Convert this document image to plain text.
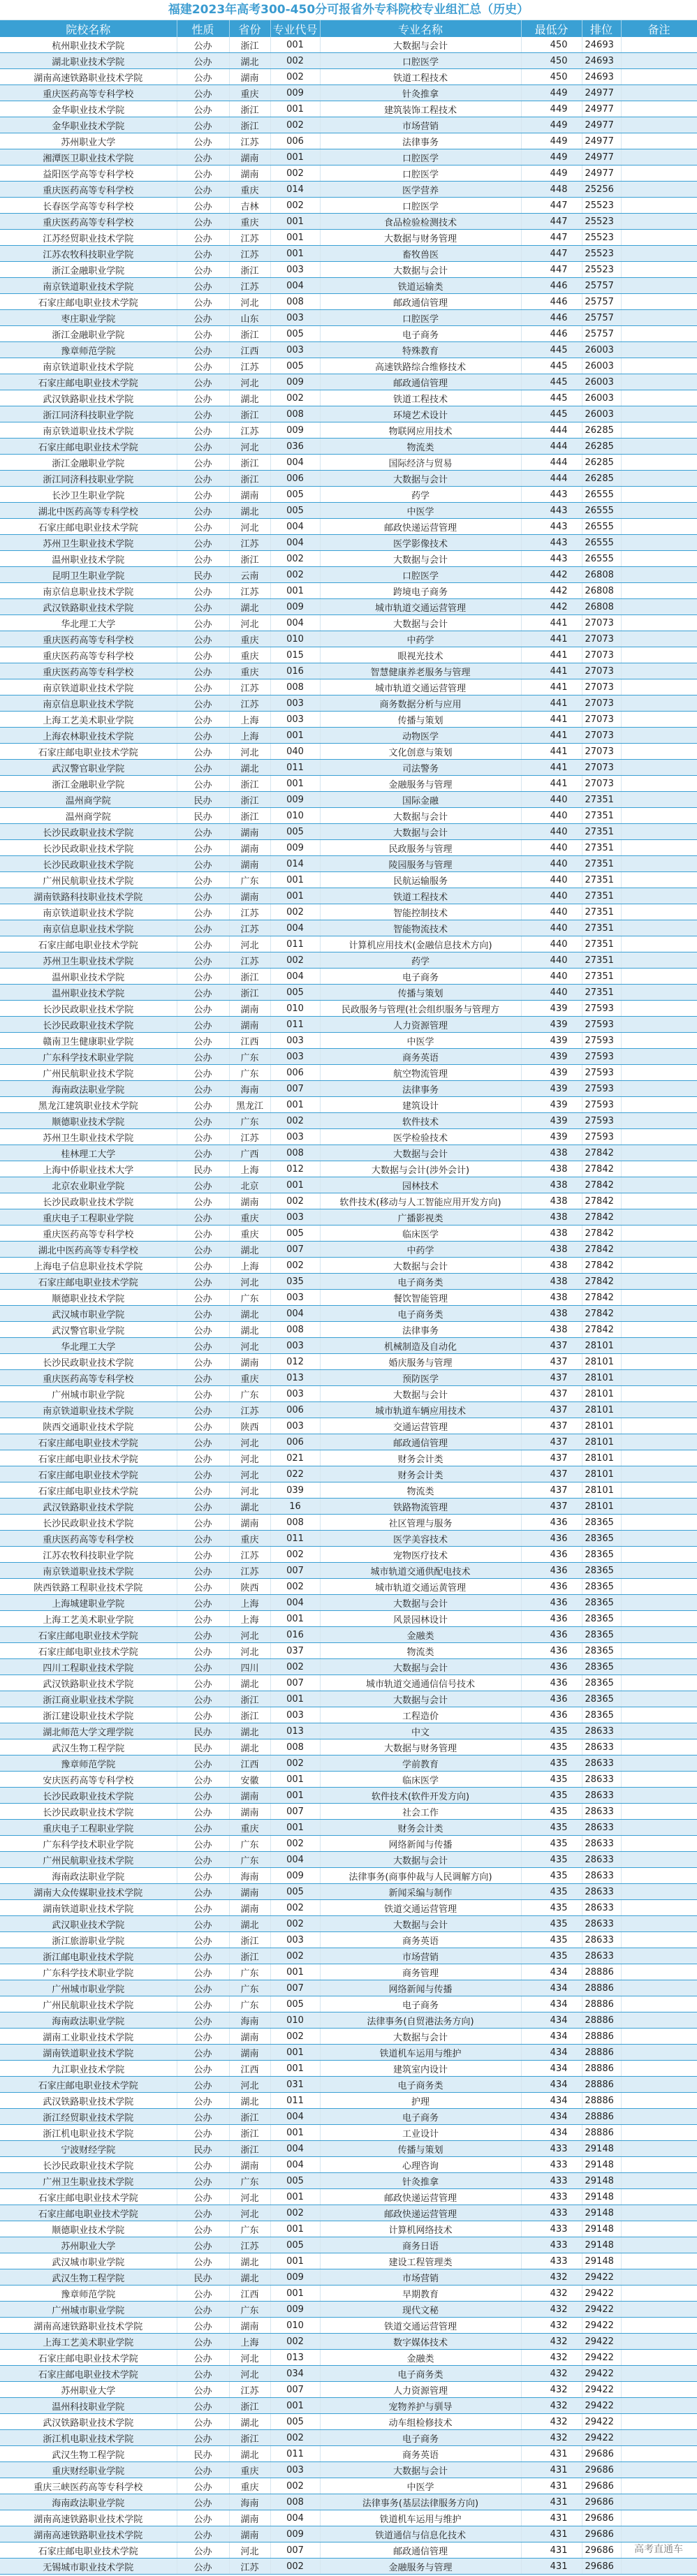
福建2023年高考300-450分可报省外专科院校专业组汇总（历史）
院校名称	性质	省份	专业代号	专业名称	最低分	排位	备注
杭州职业技术学院	公办	浙江	001	大数据与会计	450	24693	
湖北职业技术学院	公办	湖北	002	口腔医学	450	24693	
湖南高速铁路职业技术学院	公办	湖南	002	铁道工程技术	450	24693	
重庆医药高等专科学校	公办	重庆	009	针灸推拿	449	24977	
金华职业技术学院	公办	浙江	001	建筑装饰工程技术	449	24977	
金华职业技术学院	公办	浙江	002	市场营销	449	24977	
苏州职业大学	公办	江苏	006	法律事务	449	24977	
湘潭医卫职业技术学院	公办	湖南	001	口腔医学	449	24977	
益阳医学高等专科学校	公办	湖南	002	口腔医学	449	24977	
重庆医药高等专科学校	公办	重庆	014	医学营养	448	25256	
长春医学高等专科学校	公办	吉林	002	口腔医学	447	25523	
重庆医药高等专科学校	公办	重庆	001	食品检验检测技术	447	25523	
江苏经贸职业技术学院	公办	江苏	001	大数据与财务管理	447	25523	
江苏农牧科技职业学院	公办	江苏	001	畜牧兽医	447	25523	
浙江金融职业学院	公办	浙江	003	大数据与会计	447	25523	
南京铁道职业技术学院	公办	江苏	004	铁道运输类	446	25757	
石家庄邮电职业技术学院	公办	河北	008	邮政通信管理	446	25757	
枣庄职业学院	公办	山东	003	口腔医学	446	25757	
浙江金融职业学院	公办	浙江	005	电子商务	446	25757	
豫章师范学院	公办	江西	003	特殊教育	445	26003	
南京铁道职业技术学院	公办	江苏	005	高速铁路综合维修技术	445	26003	
石家庄邮电职业技术学院	公办	河北	009	邮政通信管理	445	26003	
武汉铁路职业技术学院	公办	湖北	002	铁道工程技术	445	26003	
浙江同济科技职业学院	公办	浙江	008	环境艺术设计	445	26003	
南京铁道职业技术学院	公办	江苏	009	物联网应用技术	444	26285	
石家庄邮电职业技术学院	公办	河北	036	物流类	444	26285	
浙江金融职业学院	公办	浙江	004	国际经济与贸易	444	26285	
浙江同济科技职业学院	公办	浙江	006	大数据与会计	444	26285	
长沙卫生职业学院	公办	湖南	005	药学	443	26555	
湖北中医药高等专科学校	公办	湖北	005	中医学	443	26555	
石家庄邮电职业技术学院	公办	河北	004	邮政快递运营管理	443	26555	
苏州卫生职业技术学院	公办	江苏	004	医学影像技术	443	26555	
温州职业技术学院	公办	浙江	002	大数据与会计	443	26555	
昆明卫生职业学院	民办	云南	002	口腔医学	442	26808	
南京信息职业技术学院	公办	江苏	001	跨境电子商务	442	26808	
武汉铁路职业技术学院	公办	湖北	009	城市轨道交通运营管理	442	26808	
华北理工大学	公办	河北	004	大数据与会计	441	27073	
重庆医药高等专科学校	公办	重庆	010	中药学	441	27073	
重庆医药高等专科学校	公办	重庆	015	眼视光技术	441	27073	
重庆医药高等专科学校	公办	重庆	016	智慧健康养老服务与管理	441	27073	
南京铁道职业技术学院	公办	江苏	008	城市轨道交通运营管理	441	27073	
南京信息职业技术学院	公办	江苏	003	商务数据分析与应用	441	27073	
上海工艺美术职业学院	公办	上海	003	传播与策划	441	27073	
上海农林职业技术学院	公办	上海	001	动物医学	441	27073	
石家庄邮电职业技术学院	公办	河北	040	文化创意与策划	441	27073	
武汉警官职业学院	公办	湖北	011	司法警务	441	27073	
浙江金融职业学院	公办	浙江	001	金融服务与管理	441	27073	
温州商学院	民办	浙江	009	国际金融	440	27351	
温州商学院	民办	浙江	010	大数据与会计	440	27351	
长沙民政职业技术学院	公办	湖南	005	大数据与会计	440	27351	
长沙民政职业技术学院	公办	湖南	009	民政服务与管理	440	27351	
长沙民政职业技术学院	公办	湖南	014	陵园服务与管理	440	27351	
广州民航职业技术学院	公办	广东	001	民航运输服务	440	27351	
湖南铁路科技职业技术学院	公办	湖南	001	铁道工程技术	440	27351	
南京铁道职业技术学院	公办	江苏	002	智能控制技术	440	27351	
南京信息职业技术学院	公办	江苏	004	智能物流技术	440	27351	
石家庄邮电职业技术学院	公办	河北	011	计算机应用技术(金融信息技术方向)	440	27351	
苏州卫生职业技术学院	公办	江苏	002	药学	440	27351	
温州职业技术学院	公办	浙江	004	电子商务	440	27351	
温州职业技术学院	公办	浙江	005	传播与策划	440	27351	
长沙民政职业技术学院	公办	湖南	010	民政服务与管理(社会组织服务与管理方	439	27593	
长沙民政职业技术学院	公办	湖南	011	人力资源管理	439	27593	
赣南卫生健康职业学院	公办	江西	003	中医学	439	27593	
广东科学技术职业学院	公办	广东	003	商务英语	439	27593	
广州民航职业技术学院	公办	广东	006	航空物流管理	439	27593	
海南政法职业学院	公办	海南	007	法律事务	439	27593	
黑龙江建筑职业技术学院	公办	黑龙江	001	建筑设计	439	27593	
顺德职业技术学院	公办	广东	002	软件技术	439	27593	
苏州卫生职业技术学院	公办	江苏	003	医学检验技术	439	27593	
桂林理工大学	公办	广西	008	大数据与会计	438	27842	
上海中侨职业技术大学	民办	上海	012	大数据与会计(涉外会计)	438	27842	
北京农业职业学院	公办	北京	001	园林技术	438	27842	
长沙民政职业技术学院	公办	湖南	002	软件技术(移动与人工智能应用开发方向)	438	27842	
重庆电子工程职业学院	公办	重庆	003	广播影视类	438	27842	
重庆医药高等专科学校	公办	重庆	005	临床医学	438	27842	
湖北中医药高等专科学校	公办	湖北	007	中药学	438	27842	
上海电子信息职业技术学院	公办	上海	002	大数据与会计	438	27842	
石家庄邮电职业技术学院	公办	河北	035	电子商务类	438	27842	
顺德职业技术学院	公办	广东	003	餐饮智能管理	438	27842	
武汉城市职业学院	公办	湖北	004	电子商务类	438	27842	
武汉警官职业学院	公办	湖北	008	法律事务	438	27842	
华北理工大学	公办	河北	003	机械制造及自动化	437	28101	
长沙民政职业技术学院	公办	湖南	012	婚庆服务与管理	437	28101	
重庆医药高等专科学校	公办	重庆	013	预防医学	437	28101	
广州城市职业学院	公办	广东	003	大数据与会计	437	28101	
南京铁道职业技术学院	公办	江苏	006	城市轨道车辆应用技术	437	28101	
陕西交通职业技术学院	公办	陕西	003	交通运营管理	437	28101	
石家庄邮电职业技术学院	公办	河北	006	邮政通信管理	437	28101	
石家庄邮电职业技术学院	公办	河北	021	财务会计类	437	28101	
石家庄邮电职业技术学院	公办	河北	022	财务会计类	437	28101	
石家庄邮电职业技术学院	公办	河北	039	物流类	437	28101	
武汉铁路职业技术学院	公办	湖北	16	铁路物流管理	437	28101	
长沙民政职业技术学院	公办	湖南	008	社区管理与服务	436	28365	
重庆医药高等专科学校	公办	重庆	011	医学美容技术	436	28365	
江苏农牧科技职业学院	公办	江苏	002	宠物医疗技术	436	28365	
南京铁道职业技术学院	公办	江苏	007	城市轨道交通供配电技术	436	28365	
陕西铁路工程职业技术学院	公办	陕西	002	城市轨道交通运黄管理	436	28365	
上海城建职业学院	公办	上海	004	大数据与会计	436	28365	
上海工艺美术职业学院	公办	上海	001	风景园林设计	436	28365	
石家庄邮电职业技术学院	公办	河北	016	金融类	436	28365	
石家庄邮电职业技术学院	公办	河北	037	物流类	436	28365	
四川工程职业技术学院	公办	四川	002	大数据与会计	436	28365	
武汉铁路职业技术学院	公办	湖北	007	城市轨道交通通信信号技术	436	28365	
浙江商业职业技术学院	公办	浙江	001	大数据与会计	436	28365	
浙江建设职业技术学院	公办	浙江	003	工程造价	436	28365	
湖北师范大学文理学院	民办	湖北	013	中文	435	28633	
武汉生物工程学院	民办	湖北	008	大数据与财务管理	435	28633	
豫章师范学院	公办	江西	002	学前教育	435	28633	
安庆医药高等专科学校	公办	安徽	001	临床医学	435	28633	
长沙民政职业技术学院	公办	湖南	001	软件技术(软件开发方向)	435	28633	
长沙民政职业技术学院	公办	湖南	007	社会工作	435	28633	
重庆电子工程职业学院	公办	重庆	001	财务会计类	435	28633	
广东科学技术职业学院	公办	广东	002	网络新闻与传播	435	28633	
广州民航职业技术学院	公办	广东	004	大数据与会计	435	28633	
海南政法职业学院	公办	海南	009	法律事务(商事仲裁与人民调解方向)	435	28633	
湖南大众传媒职业技术学院	公办	湖南	005	新闻采编与制作	435	28633	
湖南铁道职业技术学院	公办	湖南	002	铁道交通运营管理	435	28633	
武汉职业技术学院	公办	湖北	002	大数据与会计	435	28633	
浙江旅游职业学院	公办	浙江	003	商务英语	435	28633	
浙江邮电职业技术学院	公办	浙江	002	市场营销	435	28633	
广东科学技术职业学院	公办	广东	001	商务管理	434	28886	
广州城市职业学院	公办	广东	007	网络新闻与传播	434	28886	
广州民航职业技术学院	公办	广东	005	电子商务	434	28886	
海南政法职业学院	公办	海南	010	法律事务(自贸港法务方向)	434	28886	
湖南工业职业技术学院	公办	湖南	002	大数据与会计	434	28886	
湖南铁道职业技术学院	公办	湖南	001	铁道机车运用与维护	434	28886	
九江职业技术学院	公办	江西	001	建筑室内设计	434	28886	
石家庄邮电职业技术学院	公办	河北	031	电子商务类	434	28886	
武汉铁路职业技术学院	公办	湖北	011	护理	434	28886	
浙江经贸职业技术学院	公办	浙江	004	电子商务	434	28886	
浙江机电职业技术学院	公办	浙江	001	工业设计	434	28886	
宁波财经学院	民办	浙江	004	传播与策划	433	29148	
长沙民政职业技术学院	公办	湖南	004	心理咨询	433	29148	
广州卫生职业技术学院	公办	广东	005	针灸推拿	433	29148	
石家庄邮电职业技术学院	公办	河北	001	邮政快递运营管理	433	29148	
石家庄邮电职业技术学院	公办	河北	002	邮政快递运营管理	433	29148	
顺德职业技术学院	公办	广东	001	计算机网络技术	433	29148	
苏州职业大学	公办	江苏	005	商务日语	433	29148	
武汉城市职业学院	公办	湖北	001	建设工程管理类	433	29148	
武汉生物工程学院	民办	湖北	009	市场营销	432	29422	
豫章师范学院	公办	江西	001	早期教育	432	29422	
广州城市职业学院	公办	广东	009	现代文秘	432	29422	
湖南高速铁路职业技术学院	公办	湖南	010	铁道交通运营管理	432	29422	
上海工艺美术职业学院	公办	上海	002	数字媒体技术	432	29422	
石家庄邮电职业技术学院	公办	河北	013	金融类	432	29422	
石家庄邮电职业技术学院	公办	河北	034	电子商务类	432	29422	
苏州职业大学	公办	江苏	007	人力资源管理	432	29422	
温州科技职业学院	公办	浙江	001	宠物养护与驯导	432	29422	
武汉铁路职业技术学院	公办	湖北	005	动车组检修技术	432	29422	
浙江机电职业技术学院	公办	浙江	002	电子商务	432	29422	
武汉生物工程学院	民办	湖北	011	商务英语	431	29686	
重庆财经职业学院	公办	重庆	003	大数据与会计	431	29686	
重庆三峡医药高等专科学校	公办	重庆	002	中医学	431	29686	
海南政法职业学院	公办	海南	008	法律事务(基层法律服务方向)	431	29686	
湖南高速铁路职业技术学院	公办	湖南	004	铁道机车运用与维护	431	29686	
湖南高速铁路职业技术学院	公办	湖南	009	铁道通信与信息化技术	431	29686	
石家庄邮电职业技术学院	公办	河北	007	邮政通信管理	431	29686	
无锡城市职业技术学院	公办	江苏	002	金融服务与管理	431	29686	
高考直通车
